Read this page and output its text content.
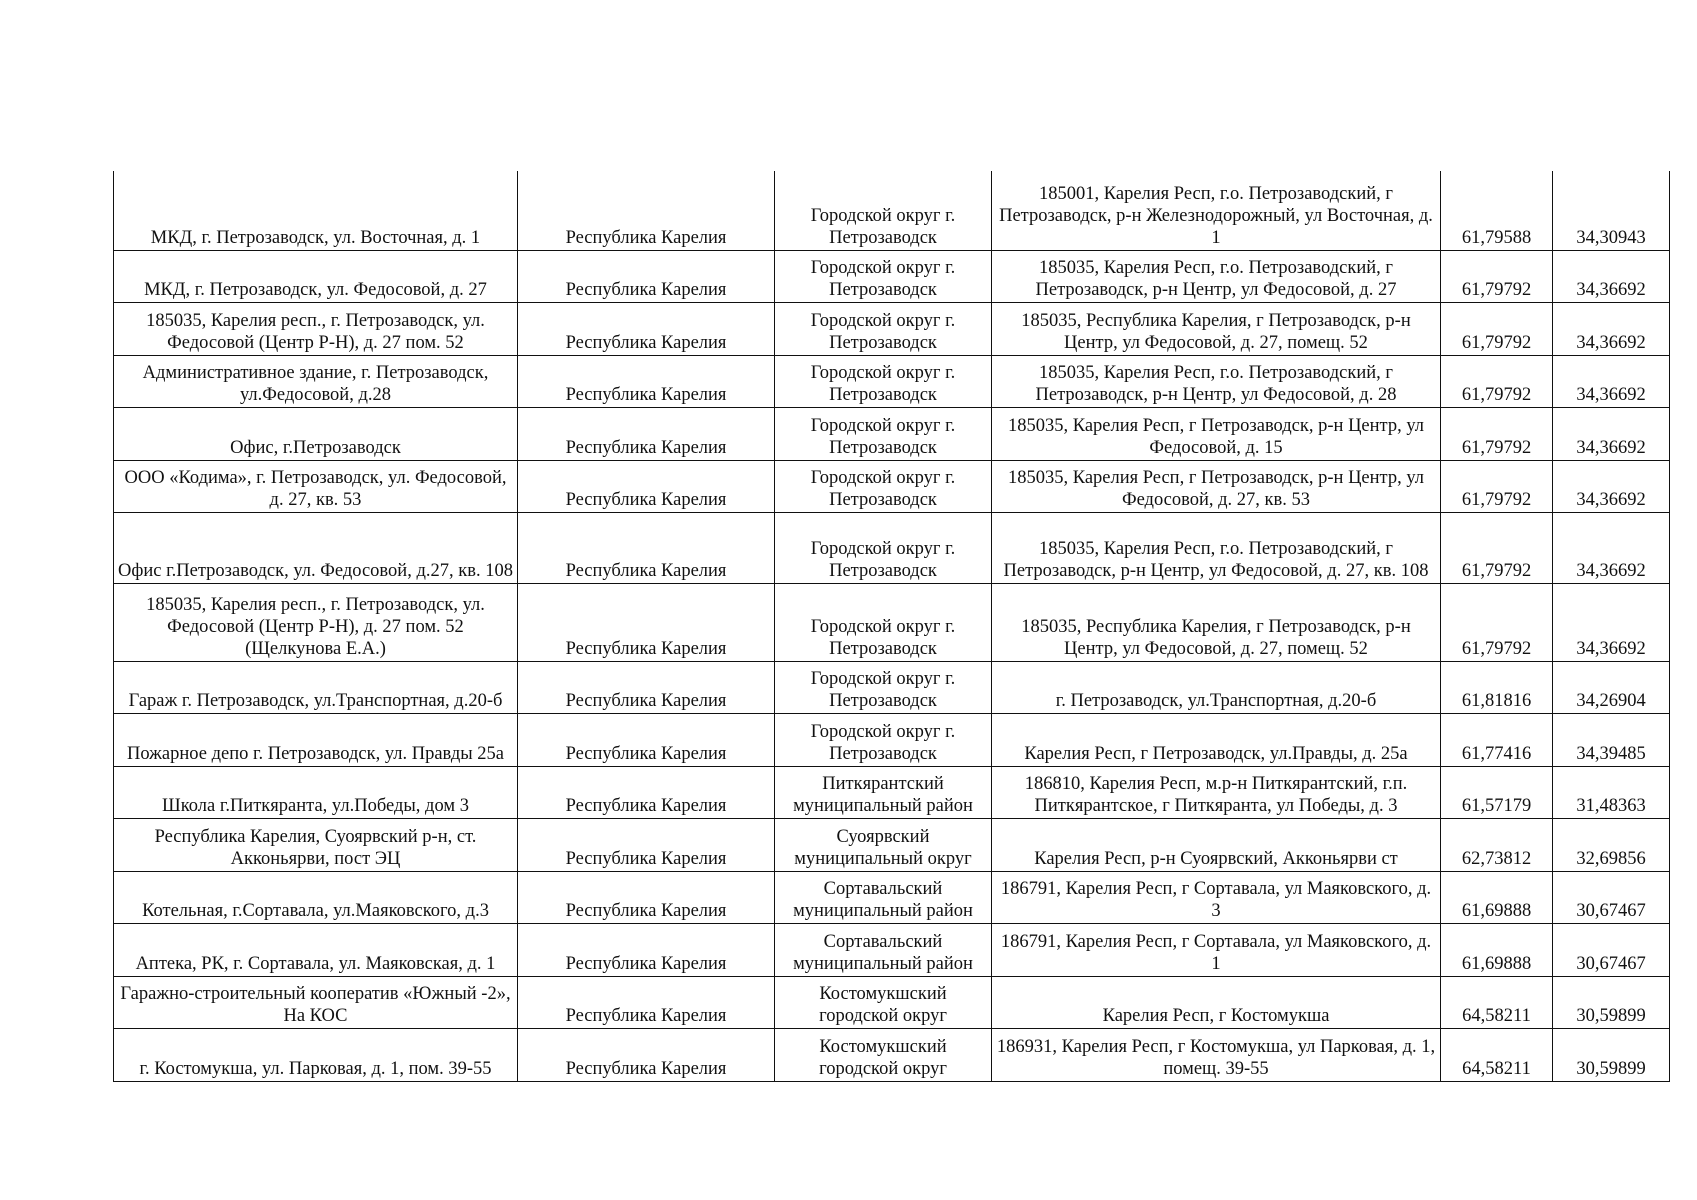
МКД, г. Петрозаводск, ул. Восточная, д. 1	Республика Карелия	Городской округ г. Петрозаводск	185001, Карелия Респ, г.о. Петрозаводский, г Петрозаводск, р-н Железнодорожный, ул Восточная, д. 1	61,79588	34,30943
МКД, г. Петрозаводск, ул. Федосовой, д. 27	Республика Карелия	Городской округ г. Петрозаводск	185035, Карелия Респ, г.о. Петрозаводский, г Петрозаводск, р-н Центр, ул Федосовой, д. 27	61,79792	34,36692
185035, Карелия респ., г. Петрозаводск, ул. Федосовой (Центр Р-Н), д. 27 пом. 52	Республика Карелия	Городской округ г. Петрозаводск	185035, Республика Карелия, г Петрозаводск, р-н Центр, ул Федосовой, д. 27, помещ. 52	61,79792	34,36692
Административное здание, г. Петрозаводск, ул.Федосовой, д.28	Республика Карелия	Городской округ г. Петрозаводск	185035, Карелия Респ, г.о. Петрозаводский, г Петрозаводск, р-н Центр, ул Федосовой, д. 28	61,79792	34,36692
Офис, г.Петрозаводск	Республика Карелия	Городской округ г. Петрозаводск	185035, Карелия Респ, г Петрозаводск, р-н Центр, ул Федосовой, д. 15	61,79792	34,36692
ООО «Кодима», г. Петрозаводск, ул. Федосовой, д. 27, кв. 53	Республика Карелия	Городской округ г. Петрозаводск	185035, Карелия Респ, г Петрозаводск, р-н Центр, ул Федосовой, д. 27, кв. 53	61,79792	34,36692
Офис г.Петрозаводск, ул. Федосовой, д.27, кв. 108	Республика Карелия	Городской округ г. Петрозаводск	185035, Карелия Респ, г.о. Петрозаводский, г Петрозаводск, р-н Центр, ул Федосовой, д. 27, кв. 108	61,79792	34,36692
185035, Карелия респ., г. Петрозаводск, ул. Федосовой (Центр Р-Н), д. 27 пом. 52 (Щелкунова Е.А.)	Республика Карелия	Городской округ г. Петрозаводск	185035, Республика Карелия, г Петрозаводск, р-н Центр, ул Федосовой, д. 27, помещ. 52	61,79792	34,36692
Гараж г. Петрозаводск, ул.Транспортная, д.20-б	Республика Карелия	Городской округ г. Петрозаводск	г. Петрозаводск, ул.Транспортная, д.20-б	61,81816	34,26904
Пожарное депо г. Петрозаводск, ул. Правды 25а	Республика Карелия	Городской округ г. Петрозаводск	Карелия Респ, г Петрозаводск, ул.Правды, д. 25а	61,77416	34,39485
Школа г.Питкяранта, ул.Победы, дом 3	Республика Карелия	Питкярантский муниципальный район	186810, Карелия Респ, м.р-н Питкярантский, г.п. Питкярантское, г Питкяранта, ул Победы, д. 3	61,57179	31,48363
Республика Карелия, Суоярвский р-н, ст. Акконьярви, пост ЭЦ	Республика Карелия	Суоярвский муниципальный округ	Карелия Респ, р-н Суоярвский, Акконьярви ст	62,73812	32,69856
Котельная, г.Сортавала, ул.Маяковского, д.3	Республика Карелия	Сортавальский муниципальный район	186791, Карелия Респ, г Сортавала, ул Маяковского, д. 3	61,69888	30,67467
Аптека, РК, г. Сортавала, ул. Маяковская, д. 1	Республика Карелия	Сортавальский муниципальный район	186791, Карелия Респ, г Сортавала, ул Маяковского, д. 1	61,69888	30,67467
Гаражно-строительный кооператив «Южный -2», На КОС	Республика Карелия	Костомукшский городской округ	Карелия Респ, г Костомукша	64,58211	30,59899
г. Костомукша, ул. Парковая, д. 1, пом. 39-55	Республика Карелия	Костомукшский городской округ	186931, Карелия Респ, г Костомукша, ул Парковая, д. 1, помещ. 39-55	64,58211	30,59899
